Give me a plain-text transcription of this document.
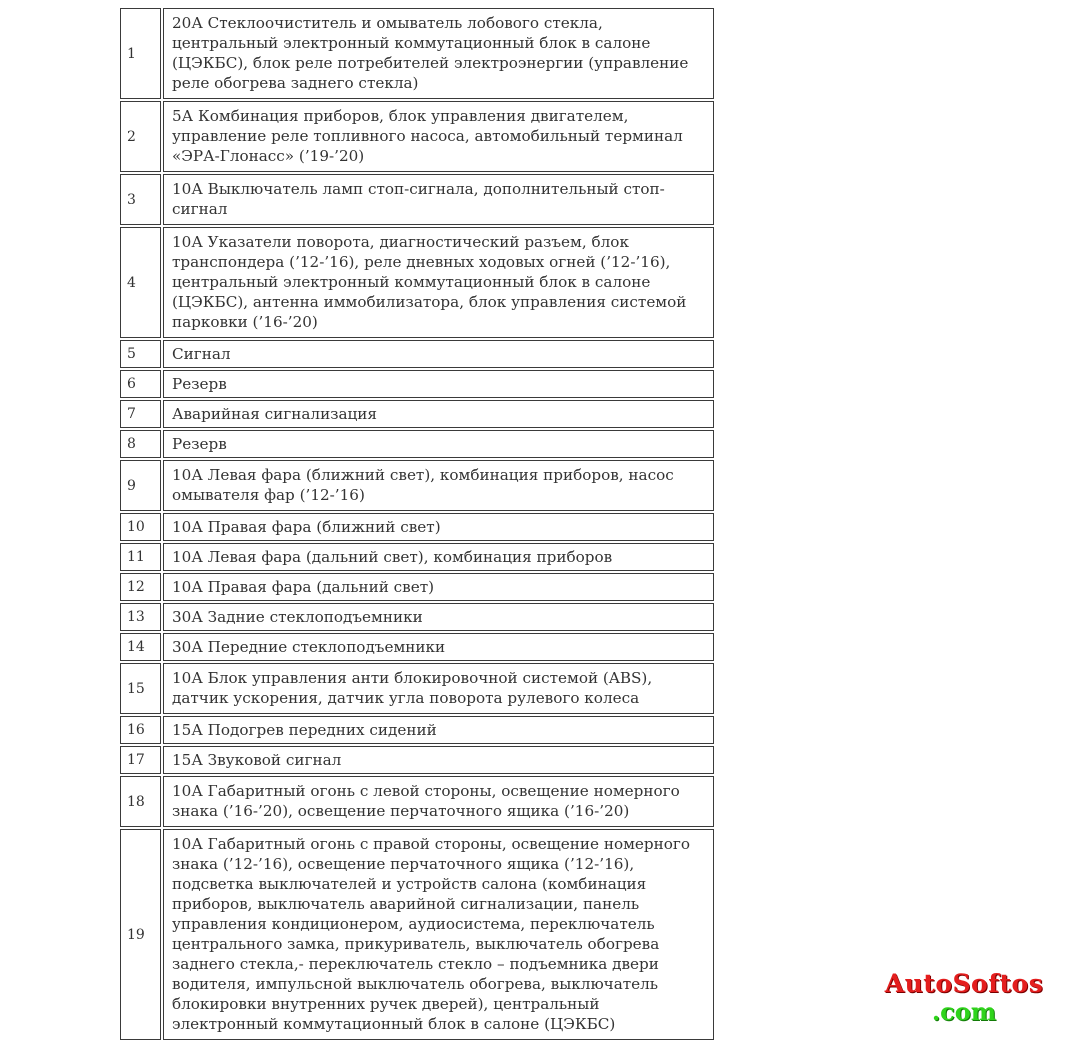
1	20А Стеклоочиститель и омыватель лобового стекла, центральный электронный коммутационный блок в салоне (ЦЭКБС), блок реле потребителей электроэнергии (управление реле обогрева заднего стекла)
2	5А Комбинация приборов, блок управления двигателем, управление реле топливного насоса, автомобильный терминал «ЭРА-Глонасс» (’19-’20)
3	10А Выключатель ламп стоп-сигнала, дополнительный стоп-сигнал
4	10А Указатели поворота, диагностический разъем, блок транспондера (’12-’16), реле дневных ходовых огней (’12-’16), центральный электронный коммутационный блок в салоне (ЦЭКБС), антенна иммобилизатора, блок управления системой парковки (’16-’20)
5	Сигнал
6	Резерв
7	Аварийная сигнализация
8	Резерв
9	10А Левая фара (ближний свет), комбинация приборов, насос омывателя фар (’12-’16)
10	10А Правая фара (ближний свет)
11	10А Левая фара (дальний свет), комбинация приборов
12	10А Правая фара (дальний свет)
13	30А Задние стеклоподъемники
14	30А Передние стеклоподъемники
15	10А Блок управления анти блокировочной системой (ABS), датчик ускорения, датчик угла поворота рулевого колеса
16	15А Подогрев передних сидений
17	15А Звуковой сигнал
18	10А Габаритный огонь с левой стороны, освещение номерного знака (’16-’20), освещение перчаточного ящика (’16-’20)
19	10А Габаритный огонь с правой стороны, освещение номерного знака (’12-’16), освещение перчаточного ящика (’12-’16), подсветка выключателей и устройств салона (комбинация приборов, выключатель аварийной сигнализации, панель управления кондиционером, аудиосистема, переключатель центрального замка, прикуриватель, выключатель обогрева заднего стекла,- переключатель стекло – подъемника двери водителя, импульсной выключатель обогрева, выключатель блокировки внутренних ручек дверей), центральный электронный коммутационный блок в салоне (ЦЭКБС)
AutoSoftos
.com
